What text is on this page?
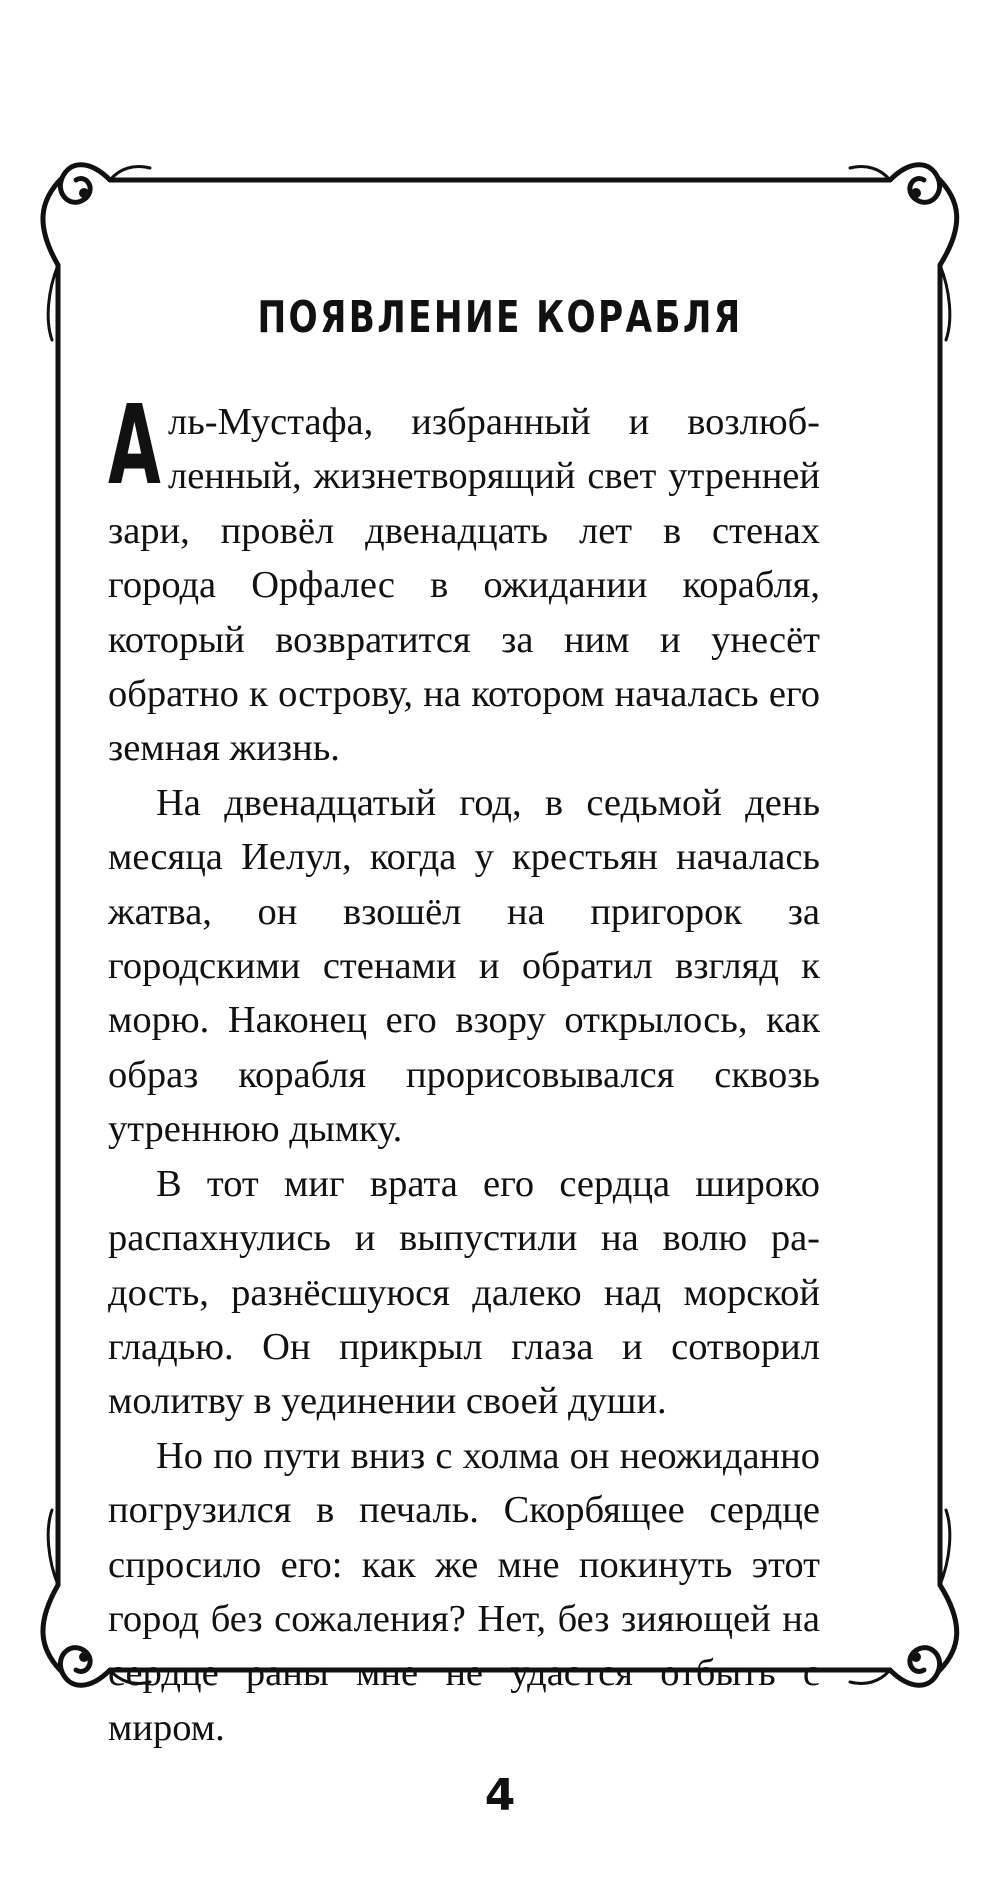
ПОЯВЛЕНИЕ КОРАБЛЯ

Аль-Мустафа, избранный и возлюбленный, жизнетворящий свет утренней зари, провёл двенадцать лет в стенах города Орфалес в ожидании корабля, который возвратится за ним и унесёт обратно к острову, на котором началась его земная жизнь.

На двенадцатый год, в седьмой день месяца Иелул, когда у крестьян началась жатва, он взошёл на пригорок за городскими стенами и обратил взгляд к морю. Наконец его взору открылось, как образ корабля прорисовывался сквозь утреннюю дымку.

В тот миг врата его сердца широко распахнулись и выпустили на волю радость, разнёсшуюся далеко над морской гладью. Он прикрыл глаза и сотворил молитву в уединении своей души.

Но по пути вниз с холма он неожиданно погрузился в печаль. Скорбящее сердце спросило его: как же мне покинуть этот город без сожаления? Нет, без зияющей на сердце раны мне не удастся отбыть с миром.

4
